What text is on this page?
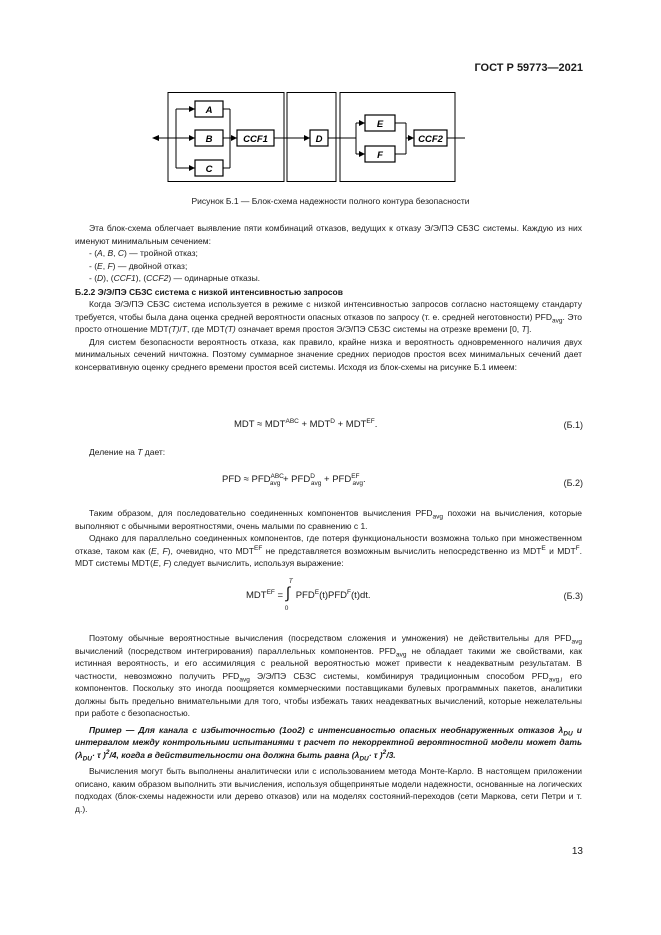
ГОСТ Р 59773—2021
A
B
C
CCF1	D
E
F
CCF2
Рисунок Б.1 — Блок-схема надежности полного контура безопасности

Эта блок-схема облегчает выявление пяти комбинаций отказов, ведущих к отказу Э/Э/ПЭ СБЗС системы. Каждую из них именуют минимальным сечением:

- (A, B, C) — тройной отказ;

- (E, F) — двойной отказ;

- (D), (CCF1), (CCF2) — одинарные отказы.

Б.2.2 Э/Э/ПЭ СБЗС система с низкой интенсивностью запросов

Когда Э/Э/ПЭ СБЗС система используется в режиме с низкой интенсивностью запросов согласно настоящему стандарту требуется, чтобы была дана оценка средней вероятности опасных отказов по запросу (т. е. средней неготовности) $PFD_{avg}$. Это просто отношение MDT(T)/T, где MDT(T) означает время простоя Э/Э/ПЭ СБЗС системы на отрезке времени [0, T].

Для систем безопасности вероятность отказа, как правило, крайне низка и вероятность одновременного наличия двух минимальных сечений ничтожна. Поэтому суммарное значение средних периодов простоя всех минимальных сечений дает консервативную оценку среднего времени простоя всей системы. Исходя из блок-схемы на рисунке Б.1 имеем:

MDT ≈ $MDT^{ABC} + MDT^D + MDT^{EF}$.	(Б.1)

Деление на T дает:

PFD ≈ $PFD^{ABC}_{avg} + PFD^D_{avg} + PFD^{EF}_{avg}$.	(Б.2)

Таким образом, для последовательно соединенных компонентов вычисления $PFD_{avg}$ похожи на вычисления, которые выполняют с обычными вероятностями, очень малыми по сравнению с 1.

Однако для параллельно соединенных компонентов, где потеря функциональности возможна только при множественном отказе, таком как (E, F), очевидно, что $MDT^{EF}$ не представляется возможным вычислить непосредственно из $MDT^E$ и $MDT^F$. MDT системы MDT(E, F) следует вычислить, используя выражение:

$MDT^{EF}$ =
T
∫
0
$PFD^E(t)PFD^F(t)dt$.	(Б.3)

Поэтому обычные вероятностные вычисления (посредством сложения и умножения) не действительны для $PFD_{avg}$ вычислений (посредством интегрирования) параллельных компонентов. $PFD_{avg}$ не обладает такими же свойствами, как истинная вероятность, и его ассимиляция с реальной вероятностью может привести к неадекватным результатам. В частности, невозможно получить $PFD_{avg}$ Э/Э/ПЭ СБЗС системы, комбинируя традиционным способом $PFD_{avg,i}$ его компонентов. Поскольку это иногда поощряется коммерческими поставщиками булевых программных пакетов, аналитики должны быть предельно внимательными для того, чтобы избежать таких неадекватных вычислений, которые нежелательны при работе с безопасностью.

Пример — Для канала с избыточностью (1oo2) с интенсивностью опасных необнаруженных отказов $\lambda_{DU}$ и интервалом между контрольными испытаниями τ расчет по некорректной вероятностной модели может дать ($\lambda_{DU}\cdot \tau$ )$^2$/4, когда в действительности она должна быть равна ($\lambda_{DU}\cdot \tau$ )$^2$/3.

Вычисления могут быть выполнены аналитически или с использованием метода Монте-Карло. В настоящем приложении описано, каким образом выполнить эти вычисления, используя общепринятые модели надежности, основанные на логических подходах (блок-схемы надежности или дерево отказов) или на моделях состояний-переходов (сети Маркова, сети Петри и т. д.).

13
